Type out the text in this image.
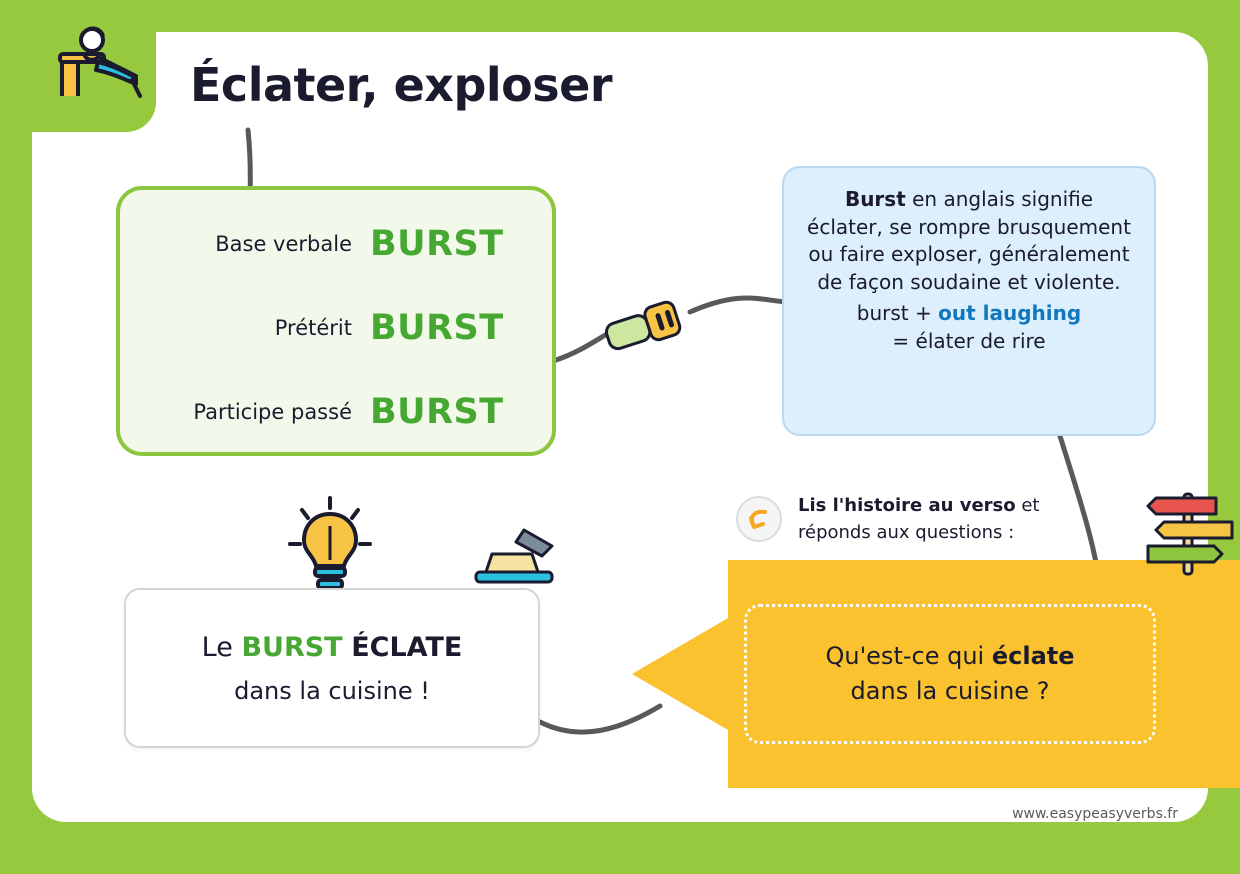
Qu'est-ce qui éclate
dans la cuisine ?
Éclater, exploser
Base verbale BURST
Prétérit BURST
Participe passé BURST
Burst en anglais signifie éclater, se rompre brusquement ou faire exploser, généralement de façon soudaine et violente.
burst + out laughing
= élater de rire
Lis l'histoire au verso et réponds aux questions :
Le BURST ÉCLATE
dans la cuisine !
www.easypeasyverbs.fr
